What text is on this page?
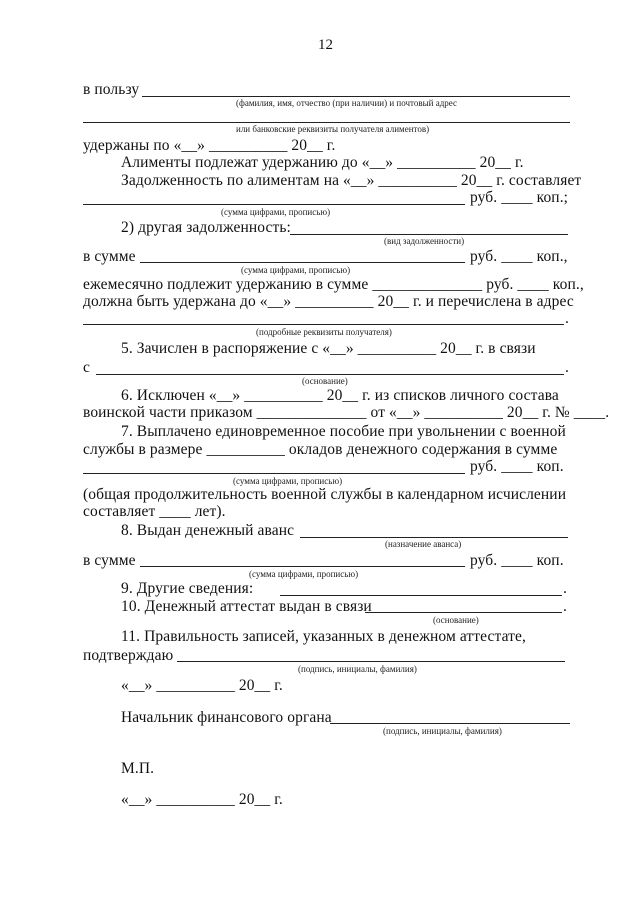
12
в пользу
(фамилия, имя, отчество (при наличии) и почтовый адрес
или банковские реквизиты получателя алиментов)
удержаны по «__» __________ 20__ г.
Алименты подлежат удержанию до «__» __________ 20__ г.
Задолженность по алиментам на «__» __________ 20__ г. составляет
руб. ____ коп.;
(сумма цифрами, прописью)
2) другая задолженность:
(вид задолженности)
в сумме	руб. ____ коп.,
(сумма цифрами, прописью)
ежемесячно подлежит удержанию в сумме ______________ руб. ____ коп.,
должна быть удержана до «__» __________ 20__ г. и перечислена в адрес
.
(подробные реквизиты получателя)
5. Зачислен в распоряжение с «__» __________ 20__ г. в связи
с	.
(основание)
6. Исключен «__» __________ 20__ г. из списков личного состава
воинской части приказом ______________ от «__» __________ 20__ г. № ____.
7. Выплачено единовременное пособие при увольнении с военной
службы в размере __________ окладов денежного содержания в сумме
руб. ____ коп.
(сумма цифрами, прописью)
(общая продолжительность военной службы в календарном исчислении
составляет ____ лет).
8. Выдан денежный аванс
(назначение аванса)
в сумме	руб. ____ коп.
(сумма цифрами, прописью)
9. Другие сведения:	.
10. Денежный аттестат выдан в связи	.
(основание)
11. Правильность записей, указанных в денежном аттестате,
подтверждаю
(подпись, инициалы, фамилия)
«__» __________ 20__ г.
Начальник финансового органа
(подпись, инициалы, фамилия)
М.П.
«__» __________ 20__ г.
